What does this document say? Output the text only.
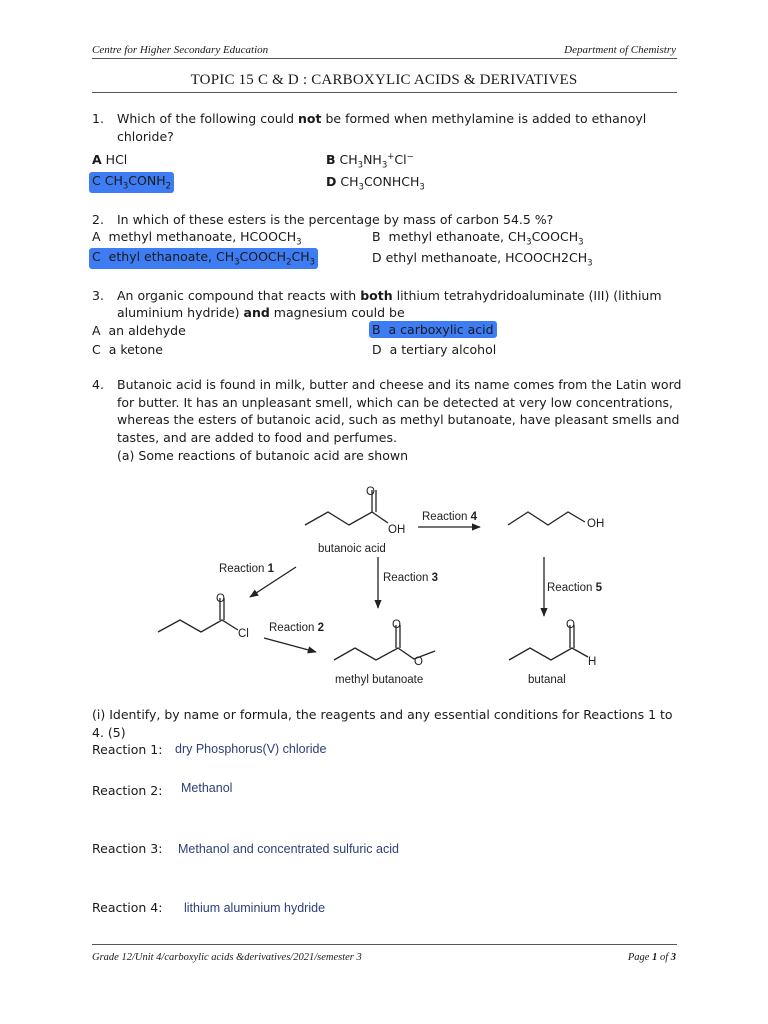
Centre for Higher Secondary Education	Department of Chemistry
TOPIC 15 C & D : CARBOXYLIC ACIDS & DERIVATIVES
1. Which of the following could not be formed when methylamine is added to ethanoyl
chloride?
A HCl	B $CH_3NH_3^+Cl^-$
C $CH_3CONH_2$	D $CH_3CONHCH_3$
2. In which of these esters is the percentage by mass of carbon 54.5 %?
A  methyl methanoate, $HCOOCH_3$	B  methyl ethanoate, $CH_3COOCH_3$
C  ethyl ethanoate, $CH_3COOCH_2CH_3$	D ethyl methanoate, $HCOOCH2CH_3$
3. An organic compound that reacts with both lithium tetrahydridoaluminate (III) (lithium
aluminium hydride) and magnesium could be
A an aldehyde	B a carboxylic acid
C a ketone	D a tertiary alcohol
4. Butanoic acid is found in milk, butter and cheese and its name comes from the Latin word
for butter. It has an unpleasant smell, which can be detected at very low concentrations,
whereas the esters of butanoic acid, such as methyl butanoate, have pleasant smells and
tastes, and are added to food and perfumes.
(a) Some reactions of butanoic acid are shown
O
OH
butanoic acid
OH
O
Cl
O
O
methyl butanoate
O
H
butanal
Reaction 4
Reaction 1
Reaction 3
Reaction 2
Reaction 5
(i) Identify, by name or formula, the reagents and any essential conditions for Reactions 1 to
4. (5)
Reaction 1: dry Phosphorus(V) chloride
Reaction 2: Methanol
Reaction 3: Methanol and concentrated sulfuric acid
Reaction 4: lithium aluminium hydride
Grade 12/Unit 4/carboxylic acids &derivatives/2021/semester 3	Page 1 of 3
